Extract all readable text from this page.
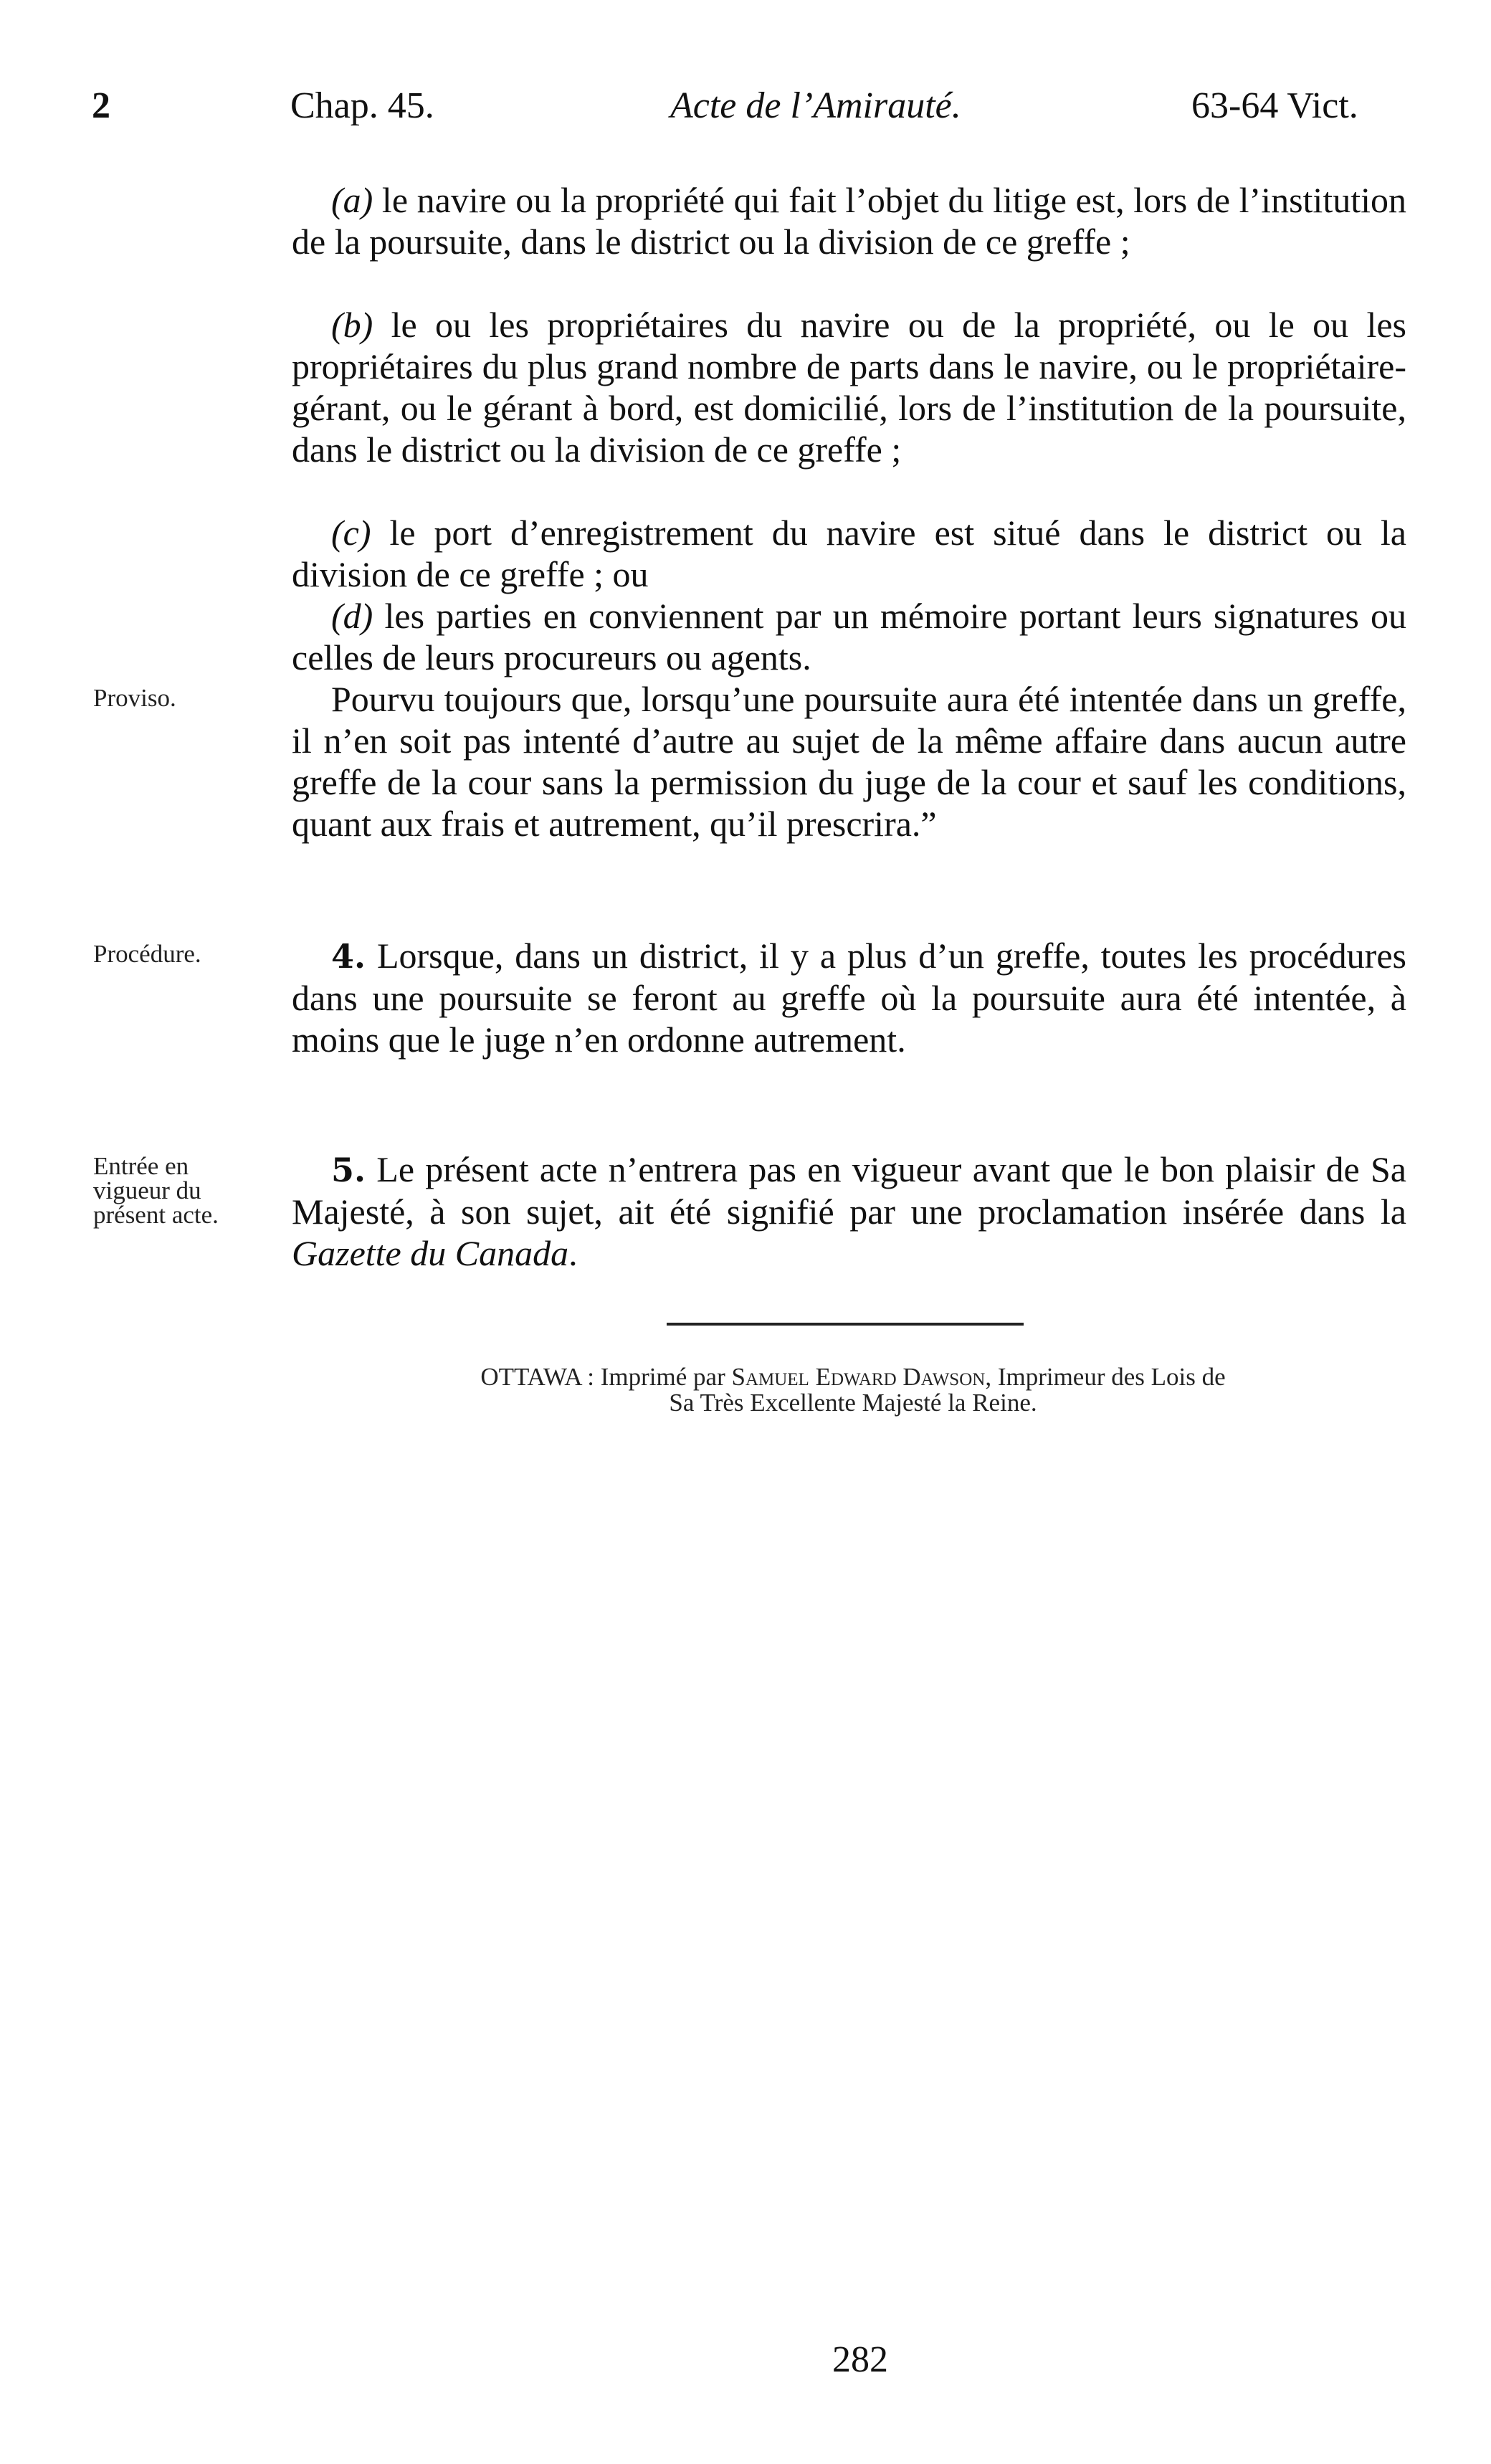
2	Chap. 45.	Acte de l’Amirauté.	63-64 Vict.

(a) le navire ou la propriété qui fait l’objet du litige est, lors de l’institution de la poursuite, dans le district ou la division de ce greffe ;

(b) le ou les propriétaires du navire ou de la propriété, ou le ou les propriétaires du plus grand nombre de parts dans le navire, ou le propriétaire-gérant, ou le gérant à bord, est domicilié, lors de l’institution de la poursuite, dans le district ou la division de ce greffe ;

(c) le port d’enregistrement du navire est situé dans le district ou la division de ce greffe ; ou

(d) les parties en conviennent par un mémoire portant leurs signatures ou celles de leurs procureurs ou agents.

Pourvu toujours que, lorsqu’une poursuite aura été intentée dans un greffe, il n’en soit pas intenté d’autre au sujet de la même affaire dans aucun autre greffe de la cour sans la permission du juge de la cour et sauf les conditions, quant aux frais et autrement, qu’il prescrira.”

4. Lorsque, dans un district, il y a plus d’un greffe, toutes les procédures dans une poursuite se feront au greffe où la poursuite aura été intentée, à moins que le juge n’en ordonne autrement.

5. Le présent acte n’entrera pas en vigueur avant que le bon plaisir de Sa Majesté, à son sujet, ait été signifié par une proclamation insérée dans la Gazette du Canada.

Proviso.
Procédure.
Entrée en
vigueur du
présent acte.
OTTAWA : Imprimé par Samuel Edward Dawson, Imprimeur des Lois de
Sa Très Excellente Majesté la Reine.
282
